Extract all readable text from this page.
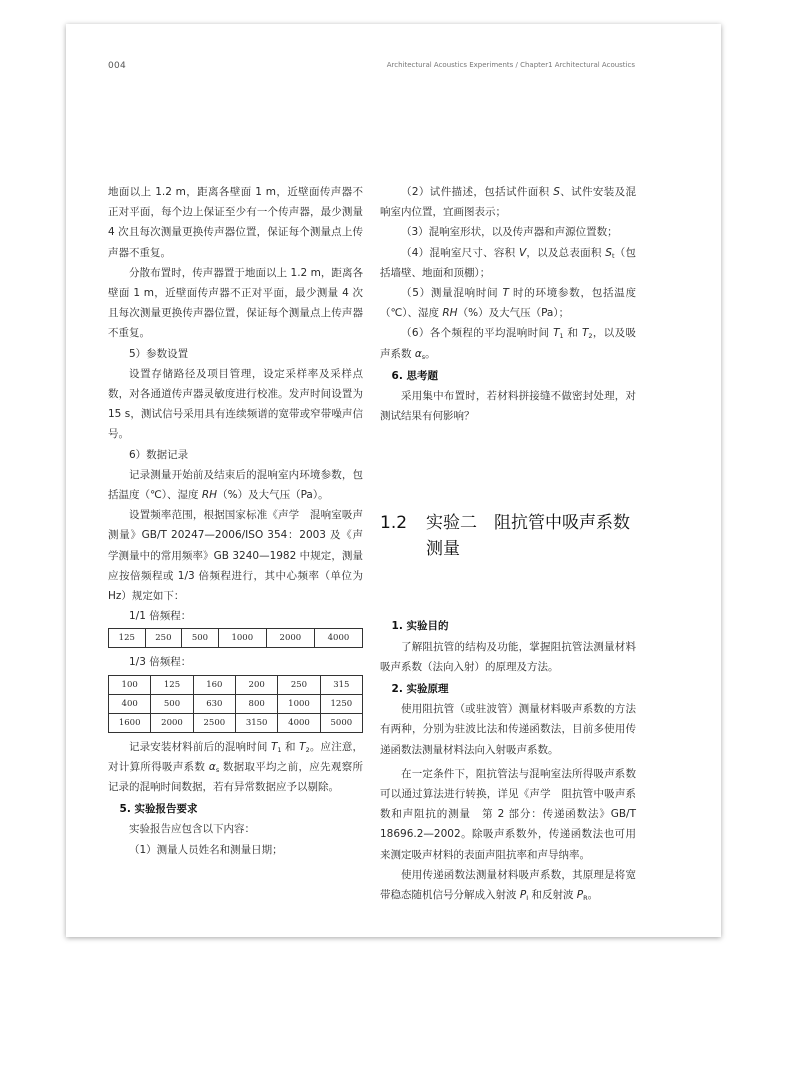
004	Architectural Acoustics Experiments / Chapter1 Architectural Acoustics

地面以上 1.2 m，距离各壁面 1 m，近壁面传声器不正对平面，每个边上保证至少有一个传声器，最少测量 4 次且每次测量更换传声器位置，保证每个测量点上传声器不重复。

分散布置时，传声器置于地面以上 1.2 m，距离各壁面 1 m，近壁面传声器不正对平面，最少测量 4 次且每次测量更换传声器位置，保证每个测量点上传声器不重复。

5）参数设置

设置存储路径及项目管理，设定采样率及采样点数，对各通道传声器灵敏度进行校准。发声时间设置为 15 s，测试信号采用具有连续频谱的宽带或窄带噪声信号。

6）数据记录

记录测量开始前及结束后的混响室内环境参数，包括温度（℃）、湿度 RH（%）及大气压（Pa）。

设置频率范围，根据国家标准《声学　混响室吸声测量》GB/T 20247—2006/ISO 354：2003 及《声学测量中的常用频率》GB 3240—1982 中规定，测量应按倍频程或 1/3 倍频程进行，其中心频率（单位为 Hz）规定如下：

1/1 倍频程：

125	250	500	1000	2000	4000

1/3 倍频程：

100	125	160	200	250	315
400	500	630	800	1000	1250
1600	2000	2500	3150	4000	5000

记录安装材料前后的混响时间 $T_1$ 和 $T_2$。应注意，对计算所得吸声系数 $\alpha_s$ 数据取平均之前，应先观察所记录的混响时间数据，若有异常数据应予以剔除。

5. 实验报告要求

实验报告应包含以下内容：

（1）测量人员姓名和测量日期；

（2）试件描述，包括试件面积 S、试件安装及混响室内位置，宜画图表示；

（3）混响室形状，以及传声器和声源位置数；

（4）混响室尺寸、容积 V，以及总表面积 $S_t$（包括墙壁、地面和顶棚）；

（5）测量混响时间 T 时的环境参数，包括温度（℃）、湿度 RH（%）及大气压（Pa）；

（6）各个频程的平均混响时间 $T_1$ 和 $T_2$，以及吸声系数 $\alpha_s$。

6. 思考题

采用集中布置时，若材料拼接缝不做密封处理，对测试结果有何影响？

1.2	实验二　阻抗管中吸声系数测量

1. 实验目的

了解阻抗管的结构及功能，掌握阻抗管法测量材料吸声系数（法向入射）的原理及方法。

2. 实验原理

使用阻抗管（或驻波管）测量材料吸声系数的方法有两种，分别为驻波比法和传递函数法，目前多使用传递函数法测量材料法向入射吸声系数。

在一定条件下，阻抗管法与混响室法所得吸声系数可以通过算法进行转换，详见《声学　阻抗管中吸声系数和声阻抗的测量　第 2 部分：传递函数法》GB/T 18696.2—2002。除吸声系数外，传递函数法也可用来测定吸声材料的表面声阻抗率和声导纳率。

使用传递函数法测量材料吸声系数，其原理是将宽带稳态随机信号分解成入射波 $P_I$ 和反射波 $P_R$。
